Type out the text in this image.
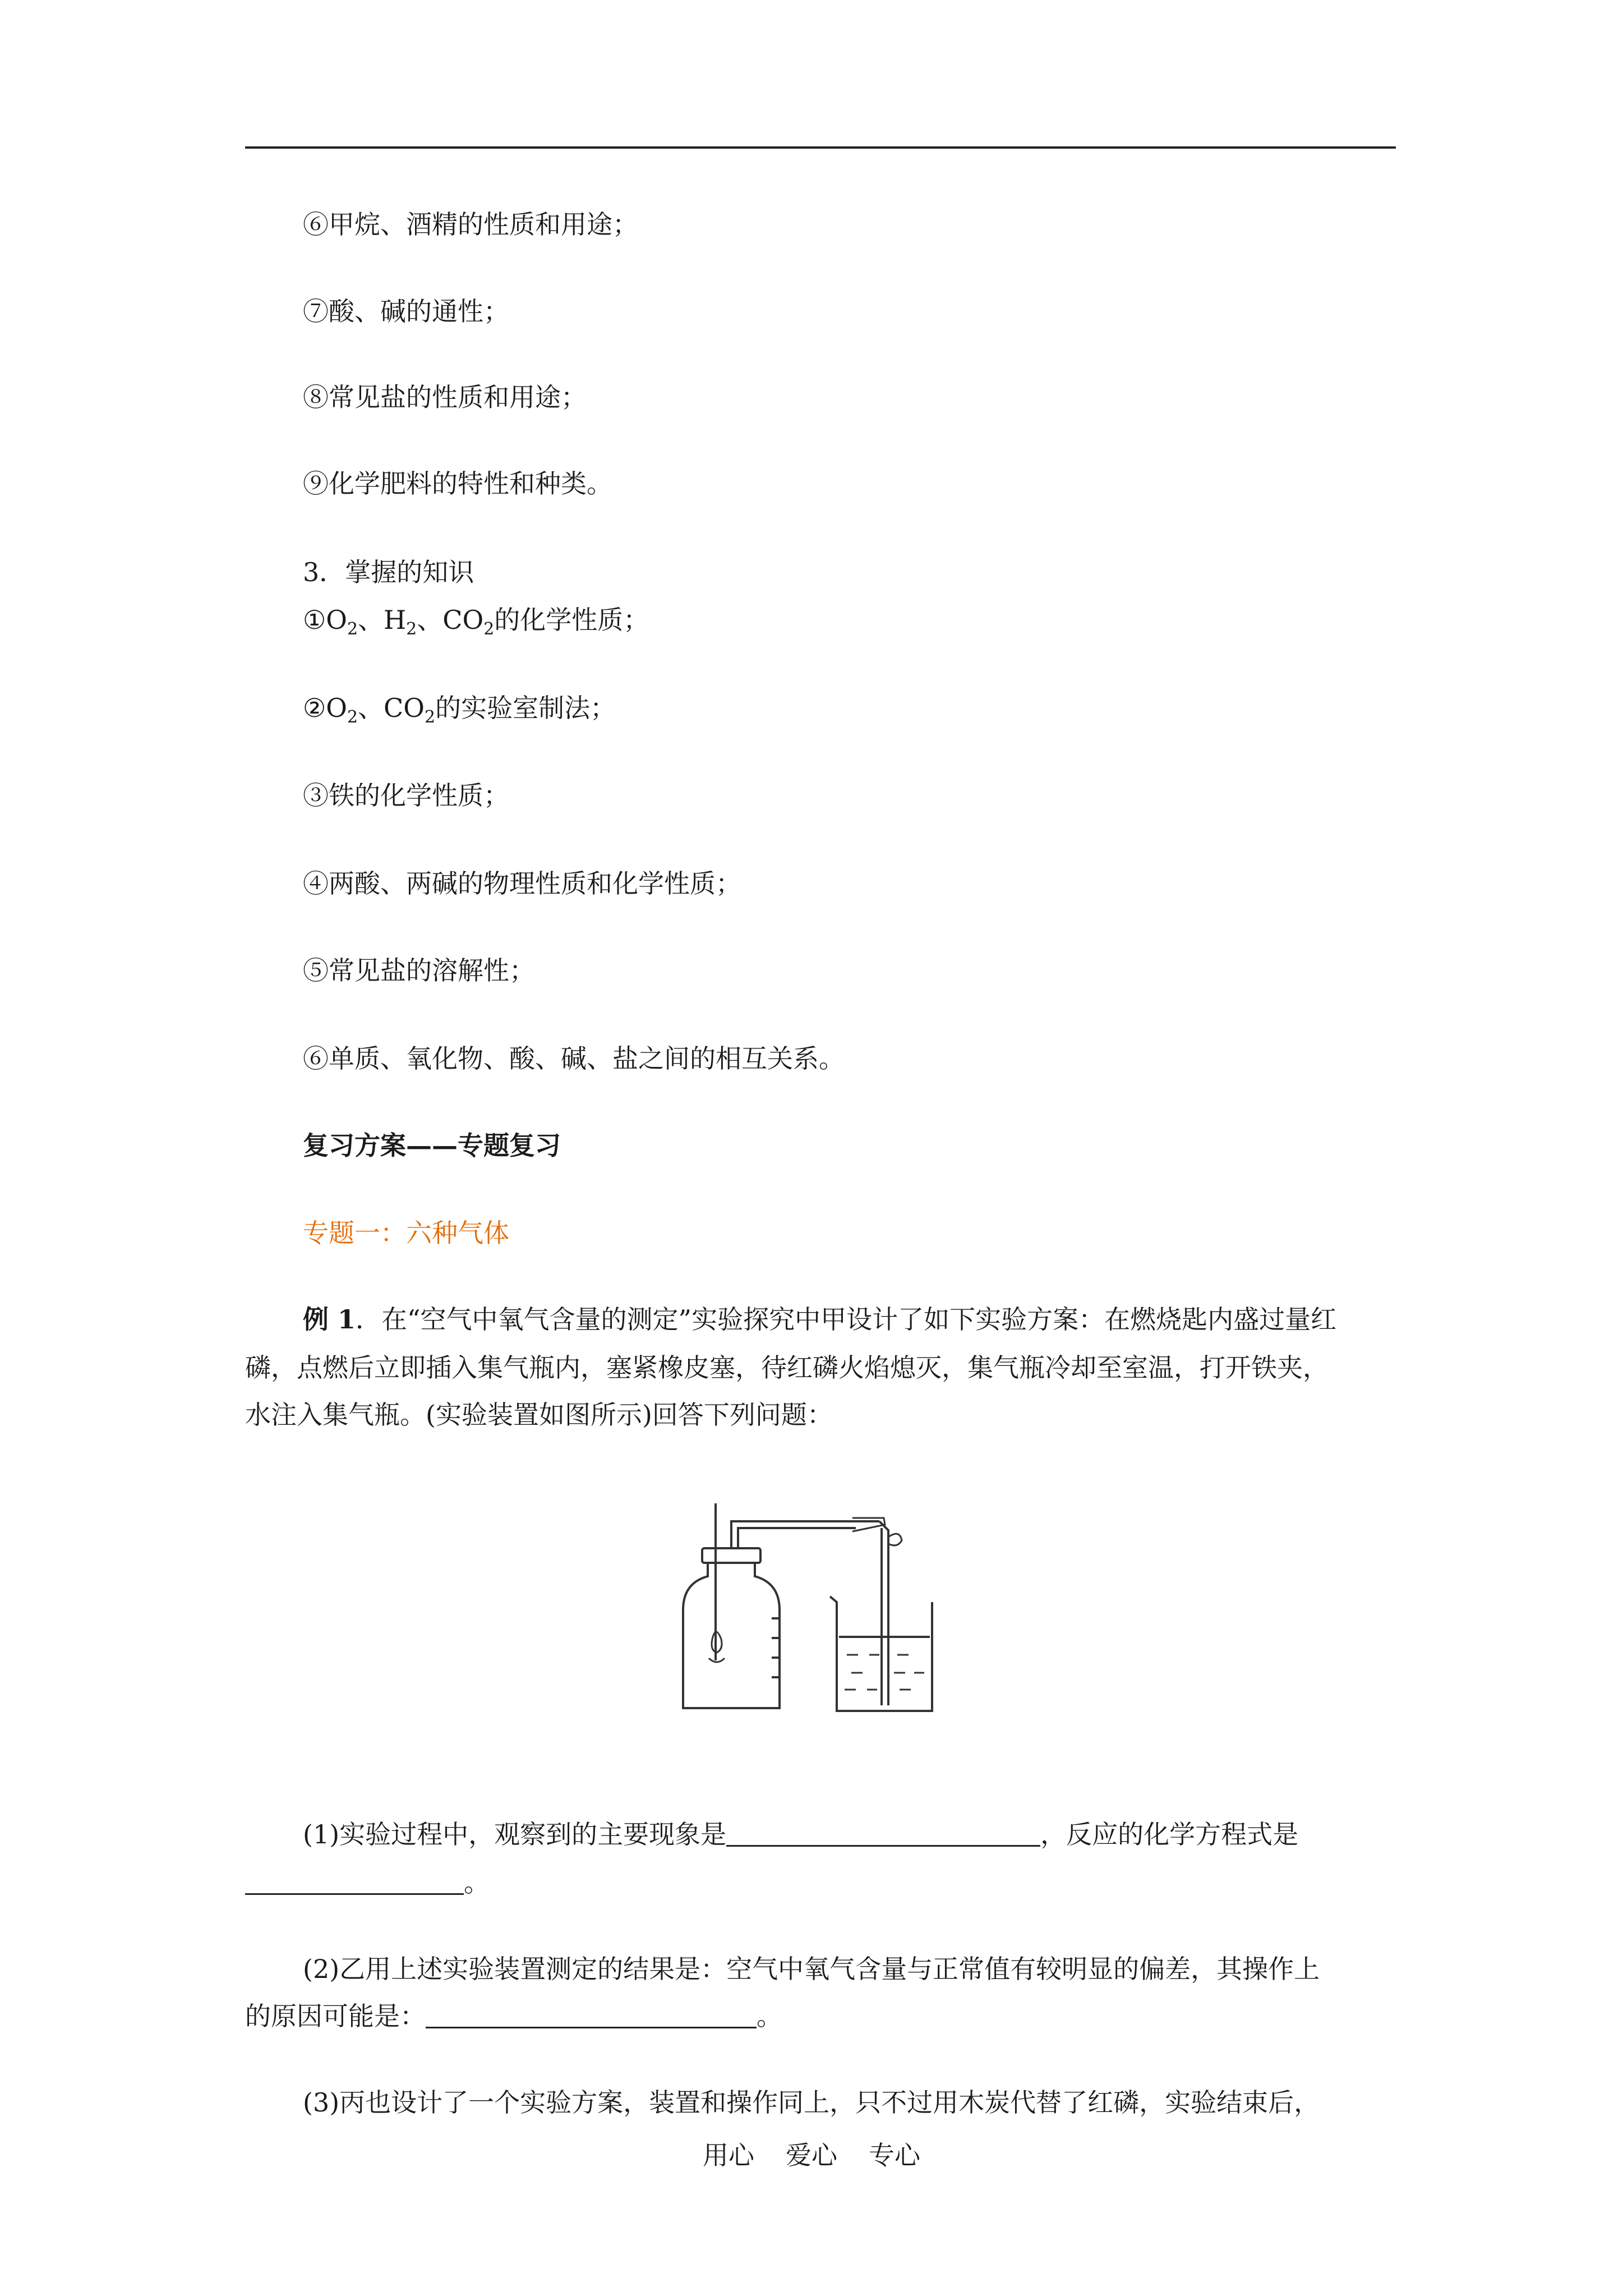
⑥甲烷、酒精的性质和用途；
⑦酸、碱的通性；
⑧常见盐的性质和用途；
⑨化学肥料的特性和种类。
3．掌握的知识
$①O_2$、$H_2$、$CO_2$的化学性质；
$②O_2$、$CO_2$的实验室制法；
③铁的化学性质；
④两酸、两碱的物理性质和化学性质；
⑤常见盐的溶解性；
⑥单质、氧化物、酸、碱、盐之间的相互关系。
复习方案——专题复习
专题一：六种气体
例 1．在“空气中氧气含量的测定”实验探究中甲设计了如下实验方案：在燃烧匙内盛过量红
磷，点燃后立即插入集气瓶内，塞紧橡皮塞，待红磷火焰熄灭，集气瓶冷却至室温，打开铁夹，
水注入集气瓶。(实验装置如图所示)回答下列问题：
(1)实验过程中，观察到的主要现象是	，反应的化学方程式是
。
(2)乙用上述实验装置测定的结果是：空气中氧气含量与正常值有较明显的偏差，其操作上
的原因可能是：	。
(3)丙也设计了一个实验方案，装置和操作同上，只不过用木炭代替了红磷，实验结束后，
用心 爱心 专心
